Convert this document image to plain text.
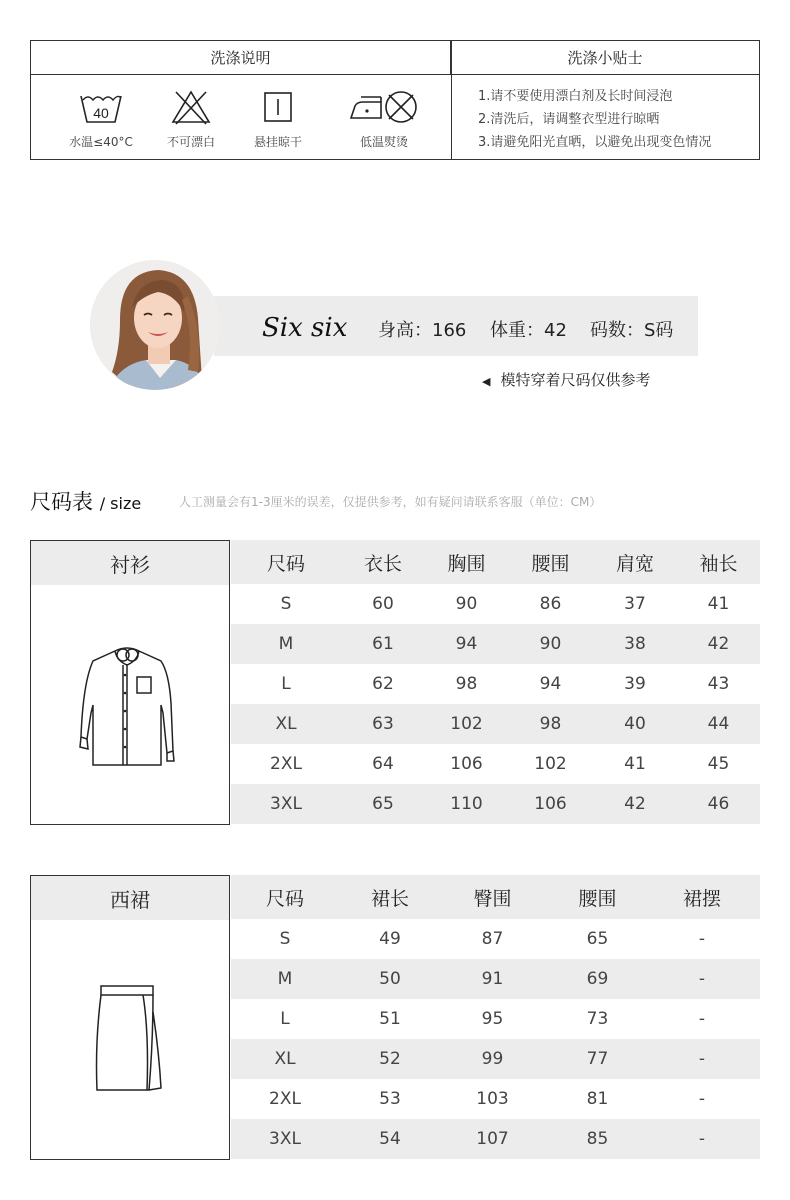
洗涤说明	洗涤小贴士
40
水温≤40°C	不可漂白	悬挂晾干	低温熨烫
1.请不要使用漂白剂及长时间浸泡
2.清洗后，请调整衣型进行晾晒
3.请避免阳光直晒，以避免出现变色情况
Six six 身高：166 体重：42 码数：S码
◀ 模特穿着尺码仅供参考
尺码表 / size	人工测量会有1-3厘米的误差，仅提供参考，如有疑问请联系客服（单位：CM）
衬衫	尺码	衣长	胸围	腰围	肩宽	袖长
S	60	90	86	37	41
M	61	94	90	38	42
L	62	98	94	39	43
XL	63	102	98	40	44
2XL	64	106	102	41	45
3XL	65	110	106	42	46
西裙	尺码	裙长	臀围	腰围	裙摆
S	49	87	65	-
M	50	91	69	-
L	51	95	73	-
XL	52	99	77	-
2XL	53	103	81	-
3XL	54	107	85	-
